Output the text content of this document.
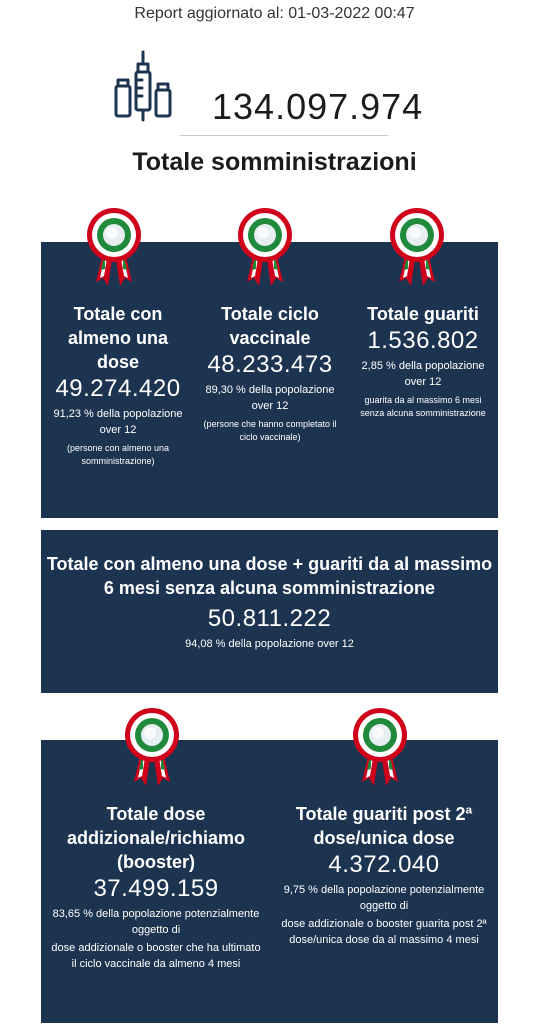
Report aggiornato al: 01-03-2022 00:47
134.097.974
Totale somministrazioni
Totale con almeno una dose
49.274.420
91,23 % della popolazione over 12
(persone con almeno una somministrazione)
Totale ciclo vaccinale
48.233.473
89,30 % della popolazione over 12
(persone che hanno completato il ciclo vaccinale)
Totale guariti
1.536.802
2,85 % della popolazione over 12
guarita da al massimo 6 mesi senza alcuna somministrazione
Totale con almeno una dose + guariti da al massimo 6 mesi senza alcuna somministrazione
50.811.222
94,08 % della popolazione over 12
Totale dose addizionale/richiamo (booster)
37.499.159
83,65 % della popolazione potenzialmente oggetto di
dose addizionale o booster che ha ultimato il ciclo vaccinale da almeno 4 mesi
Totale guariti post 2ª dose/unica dose
4.372.040
9,75 % della popolazione potenzialmente oggetto di
dose addizionale o booster guarita post 2ª dose/unica dose da al massimo 4 mesi
